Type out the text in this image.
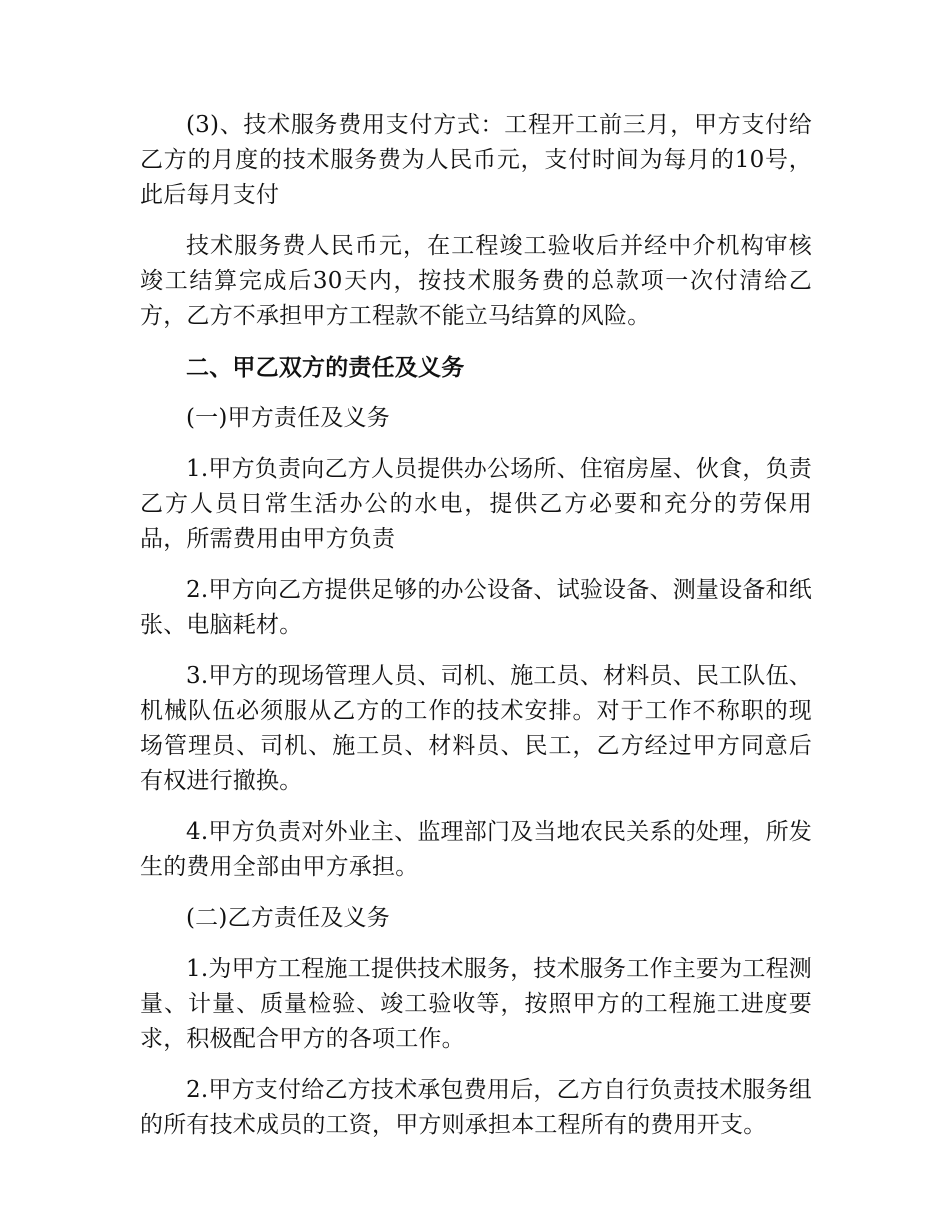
(3)、技术服务费用支付方式：工程开工前三月，甲方支付给乙方的月度的技术服务费为人民币元，支付时间为每月的10号，此后每月支付

技术服务费人民币元，在工程竣工验收后并经中介机构审核竣工结算完成后30天内，按技术服务费的总款项一次付清给乙方，乙方不承担甲方工程款不能立马结算的风险。

二、甲乙双方的责任及义务

(一)甲方责任及义务

1.甲方负责向乙方人员提供办公场所、住宿房屋、伙食，负责乙方人员日常生活办公的水电，提供乙方必要和充分的劳保用品，所需费用由甲方负责

2.甲方向乙方提供足够的办公设备、试验设备、测量设备和纸张、电脑耗材。

3.甲方的现场管理人员、司机、施工员、材料员、民工队伍、机械队伍必须服从乙方的工作的技术安排。对于工作不称职的现场管理员、司机、施工员、材料员、民工，乙方经过甲方同意后有权进行撤换。

4.甲方负责对外业主、监理部门及当地农民关系的处理，所发生的费用全部由甲方承担。

(二)乙方责任及义务

1.为甲方工程施工提供技术服务，技术服务工作主要为工程测量、计量、质量检验、竣工验收等，按照甲方的工程施工进度要求，积极配合甲方的各项工作。

2.甲方支付给乙方技术承包费用后，乙方自行负责技术服务组的所有技术成员的工资，甲方则承担本工程所有的费用开支。
